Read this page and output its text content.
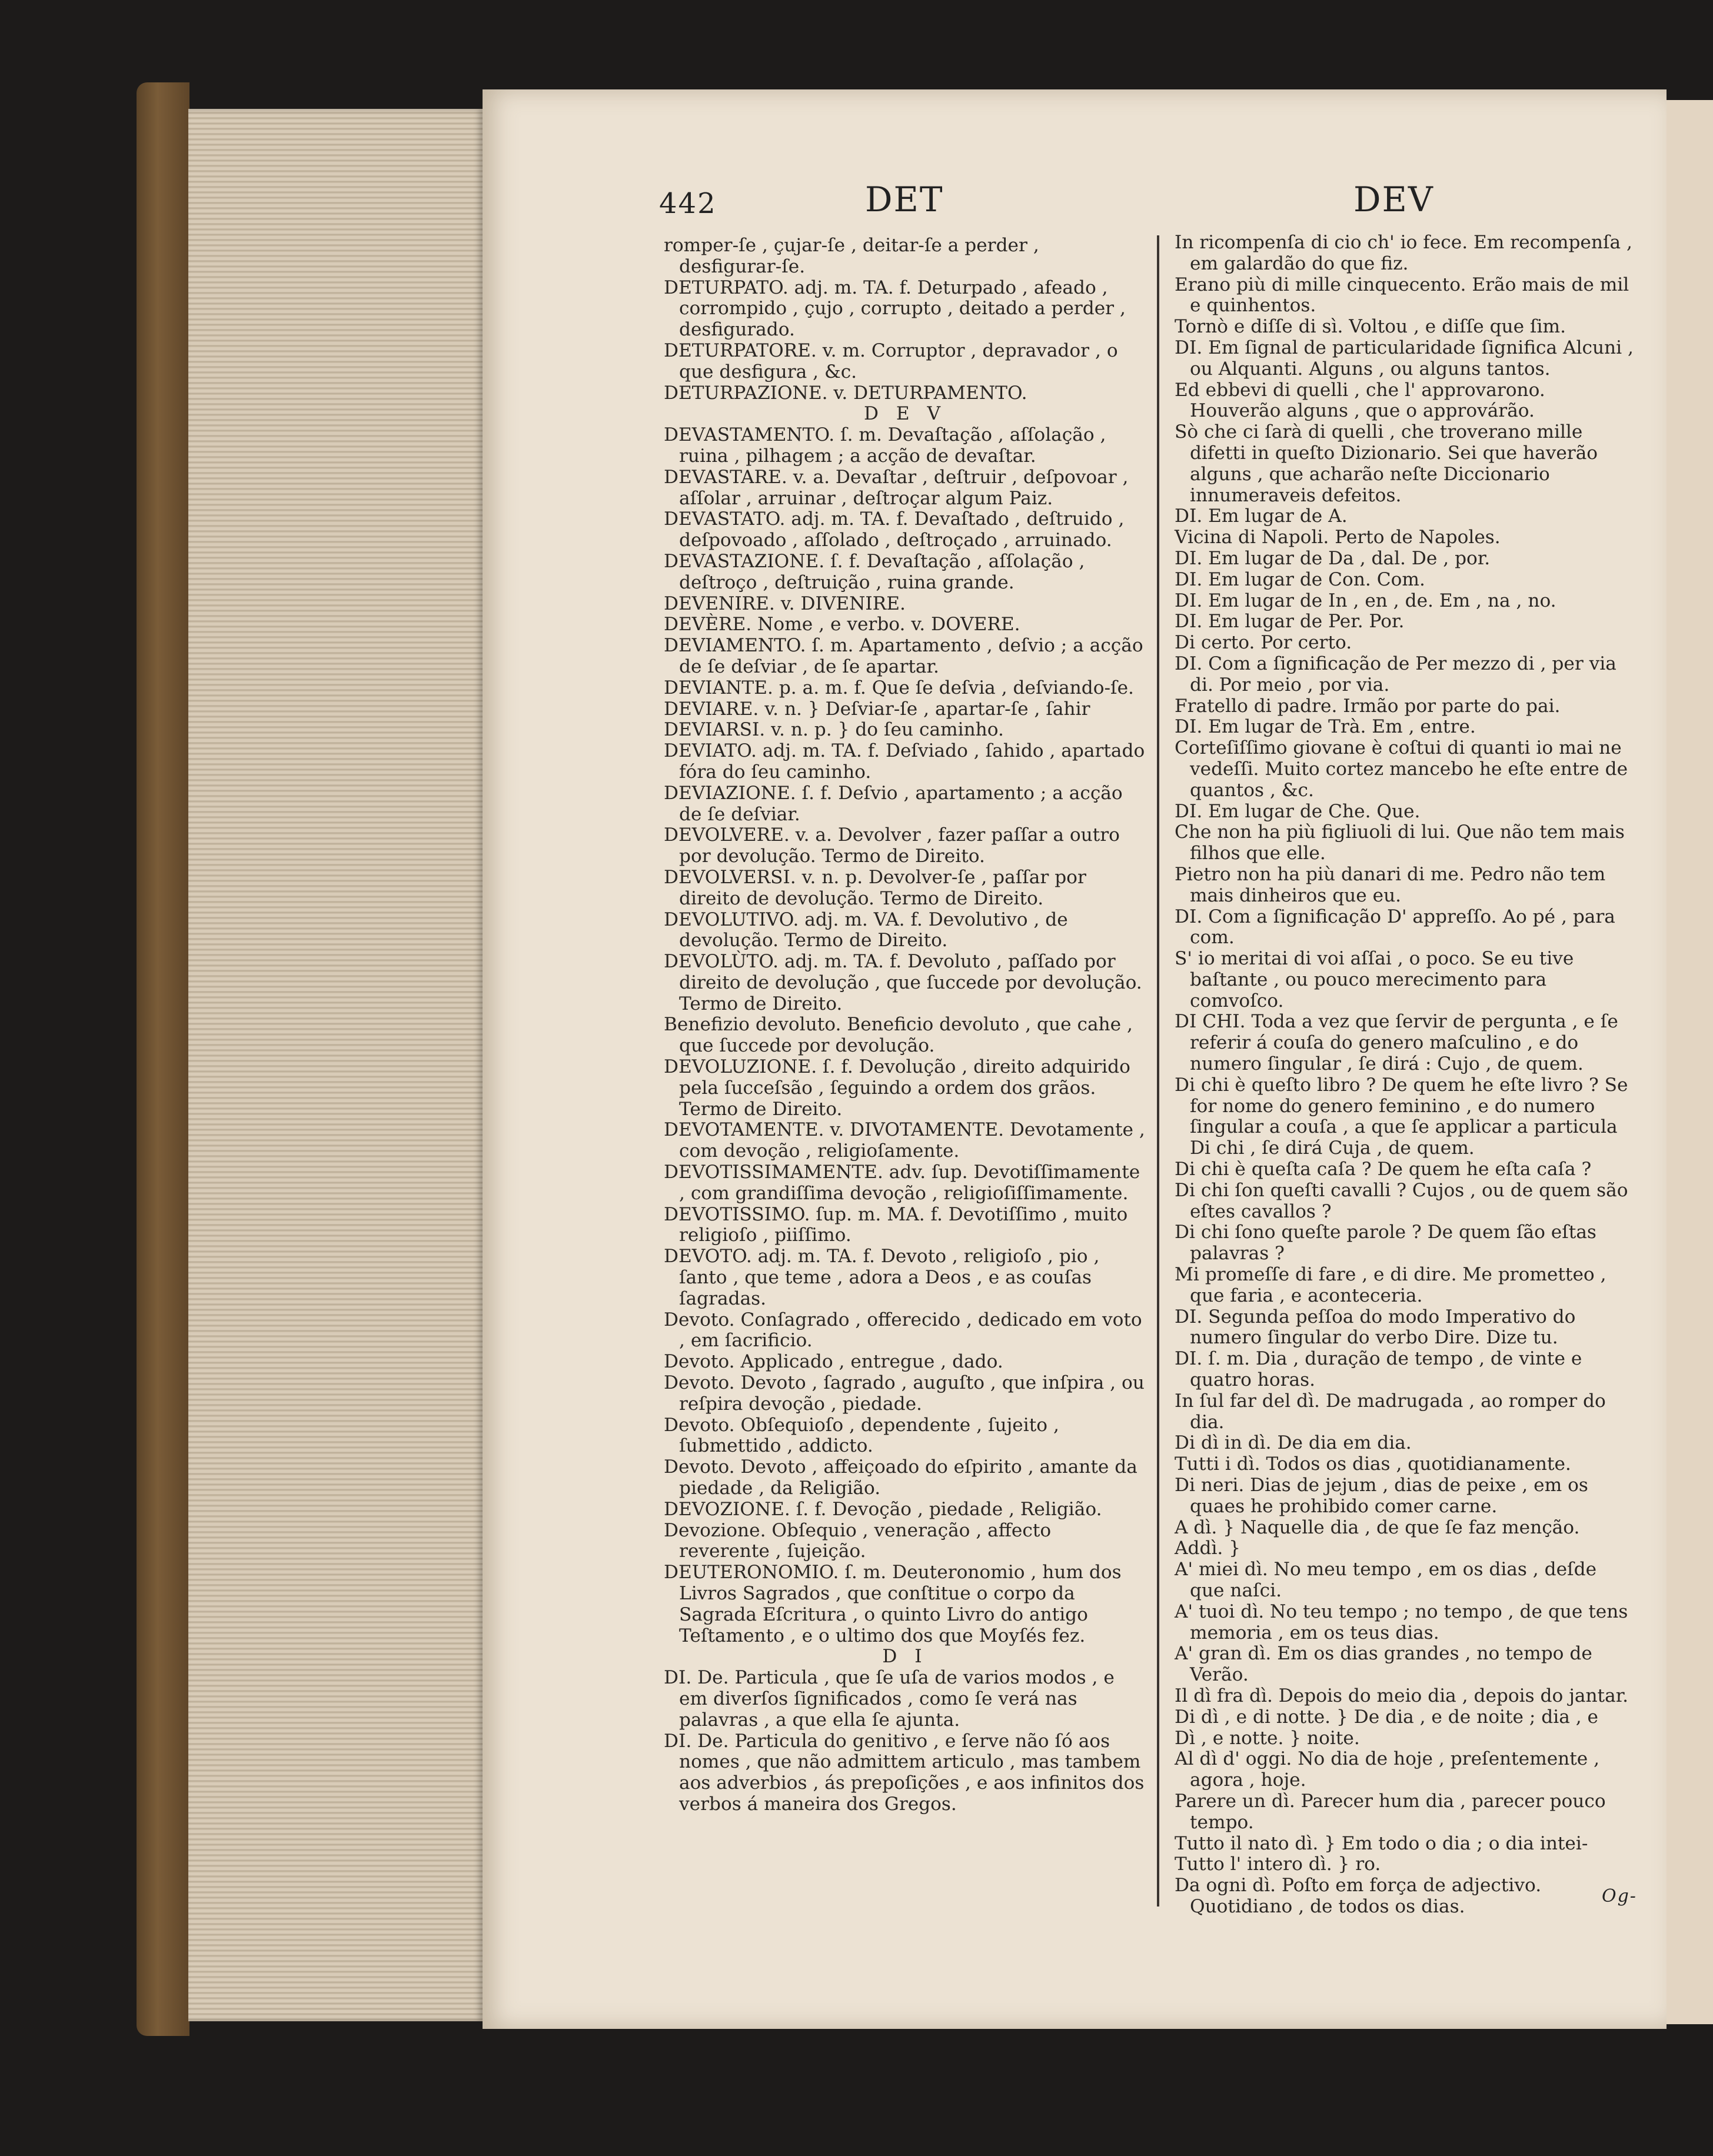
442	DET	DEV

romper-ſe , çujar-ſe , deitar-ſe a perder , desfigurar-ſe.

DETURPATO. adj. m. TA. f. Deturpado , afeado , corrompido , çujo , corrupto , deitado a perder , desfigurado.

DETURPATORE. v. m. Corruptor , depravador , o que desfigura , &c.

DETURPAZIONE. v. DETURPAMENTO.

D E V

DEVASTAMENTO. ſ. m. Devaſtação , aſſolação , ruina , pilhagem ; a acção de devaſtar.

DEVASTARE. v. a. Devaſtar , deſtruir , deſpovoar , aſſolar , arruinar , deſtroçar algum Paiz.

DEVASTATO. adj. m. TA. f. Devaſtado , deſtruido , deſpovoado , aſſolado , deſtroçado , arruinado.

DEVASTAZIONE. ſ. f. Devaſtação , aſſolação , deſtroço , deſtruição , ruina grande.

DEVENIRE. v. DIVENIRE.

DEVÈRE. Nome , e verbo. v. DOVERE.

DEVIAMENTO. ſ. m. Apartamento , deſvio ; a acção de ſe deſviar , de ſe apartar.

DEVIANTE. p. a. m. f. Que ſe deſvia , deſviando-ſe.

DEVIARE. v. n. } Deſviar-ſe , apartar-ſe , ſahir

DEVIARSI. v. n. p. } do ſeu caminho.

DEVIATO. adj. m. TA. f. Deſviado , ſahido , apartado fóra do ſeu caminho.

DEVIAZIONE. ſ. f. Deſvio , apartamento ; a acção de ſe deſviar.

DEVOLVERE. v. a. Devolver , fazer paſſar a outro por devolução. Termo de Direito.

DEVOLVERSI. v. n. p. Devolver-ſe , paſſar por direito de devolução. Termo de Direito.

DEVOLUTIVO. adj. m. VA. f. Devolutivo , de devolução. Termo de Direito.

DEVOLÙTO. adj. m. TA. f. Devoluto , paſſado por direito de devolução , que ſuccede por devolução. Termo de Direito.

Benefizio devoluto. Beneficio devoluto , que cahe , que ſuccede por devolução.

DEVOLUZIONE. ſ. f. Devolução , direito adquirido pela ſucceſsão , ſeguindo a ordem dos grãos. Termo de Direito.

DEVOTAMENTE. v. DIVOTAMENTE. Devotamente , com devoção , religioſamente.

DEVOTISSIMAMENTE. adv. ſup. Devotiſſimamente , com grandiſſima devoção , religioſiſſimamente.

DEVOTISSIMO. ſup. m. MA. f. Devotiſſimo , muito religioſo , piiſſimo.

DEVOTO. adj. m. TA. f. Devoto , religioſo , pio , ſanto , que teme , adora a Deos , e as couſas ſagradas.

Devoto. Conſagrado , offerecido , dedicado em voto , em ſacrificio.

Devoto. Applicado , entregue , dado.

Devoto. Devoto , ſagrado , auguſto , que inſpira , ou reſpira devoção , piedade.

Devoto. Obſequioſo , dependente , ſujeito , ſubmettido , addicto.

Devoto. Devoto , affeiçoado do eſpirito , amante da piedade , da Religião.

DEVOZIONE. ſ. f. Devoção , piedade , Religião.

Devozione. Obſequio , veneração , affecto reverente , ſujeição.

DEUTERONOMIO. ſ. m. Deuteronomio , hum dos Livros Sagrados , que conſtitue o corpo da Sagrada Eſcritura , o quinto Livro do antigo Teſtamento , e o ultimo dos que Moyſés fez.

D I

DI. De. Particula , que ſe uſa de varios modos , e em diverſos ſignificados , como ſe verá nas palavras , a que ella ſe ajunta.

DI. De. Particula do genitivo , e ſerve não ſó aos nomes , que não admittem articulo , mas tambem aos adverbios , ás prepoſições , e aos infinitos dos verbos á maneira dos Gregos.

In ricompenſa di cio ch' io fece. Em recompenſa , em galardão do que fiz.

Erano più di mille cinquecento. Erão mais de mil e quinhentos.

Tornò e diſſe di sì. Voltou , e diſſe que ſim.

DI. Em ſignal de particularidade ſignifica Alcuni , ou Alquanti. Alguns , ou alguns tantos.

Ed ebbevi di quelli , che l' approvarono. Houverão alguns , que o approvárão.

Sò che ci ſarà di quelli , che troverano mille difetti in queſto Dizionario. Sei que haverão alguns , que acharão neſte Diccionario innumeraveis defeitos.

DI. Em lugar de A.

Vicina di Napoli. Perto de Napoles.

DI. Em lugar de Da , dal. De , por.

DI. Em lugar de Con. Com.

DI. Em lugar de In , en , de. Em , na , no.

DI. Em lugar de Per. Por.

Di certo. Por certo.

DI. Com a ſignificação de Per mezzo di , per via di. Por meio , por via.

Fratello di padre. Irmão por parte do pai.

DI. Em lugar de Trà. Em , entre.

Corteſiſſimo giovane è coſtui di quanti io mai ne vedeſſi. Muito cortez mancebo he eſte entre de quantos , &c.

DI. Em lugar de Che. Que.

Che non ha più figliuoli di lui. Que não tem mais filhos que elle.

Pietro non ha più danari di me. Pedro não tem mais dinheiros que eu.

DI. Com a ſignificação D' appreſſo. Ao pé , para com.

S' io meritai di voi aſſai , o poco. Se eu tive baſtante , ou pouco merecimento para comvoſco.

DI CHI. Toda a vez que ſervir de pergunta , e ſe referir á couſa do genero maſculino , e do numero ſingular , ſe dirá : Cujo , de quem.

Di chi è queſto libro ? De quem he eſte livro ? Se for nome do genero feminino , e do numero ſingular a couſa , a que ſe applicar a particula Di chi , ſe dirá Cuja , de quem.

Di chi è queſta caſa ? De quem he eſta caſa ?

Di chi ſon queſti cavalli ? Cujos , ou de quem são eſtes cavallos ?

Di chi ſono queſte parole ? De quem ſão eſtas palavras ?

Mi promeſſe di fare , e di dire. Me prometteo , que faria , e aconteceria.

DI. Segunda peſſoa do modo Imperativo do numero ſingular do verbo Dire. Dize tu.

DI. ſ. m. Dia , duração de tempo , de vinte e quatro horas.

In ſul far del dì. De madrugada , ao romper do dia.

Di dì in dì. De dia em dia.

Tutti i dì. Todos os dias , quotidianamente.

Di neri. Dias de jejum , dias de peixe , em os quaes he prohibido comer carne.

A dì. } Naquelle dia , de que ſe faz menção.

Addì. }

A' miei dì. No meu tempo , em os dias , deſde que naſci.

A' tuoi dì. No teu tempo ; no tempo , de que tens memoria , em os teus dias.

A' gran dì. Em os dias grandes , no tempo de Verão.

Il dì fra dì. Depois do meio dia , depois do jantar.

Di dì , e di notte. } De dia , e de noite ; dia , e

Dì , e notte. } noite.

Al dì d' oggi. No dia de hoje , preſentemente , agora , hoje.

Parere un dì. Parecer hum dia , parecer pouco tempo.

Tutto il nato dì. } Em todo o dia ; o dia intei-

Tutto l' intero dì. } ro.

Da ogni dì. Poſto em força de adjectivo. Quotidiano , de todos os dias.	Og-
